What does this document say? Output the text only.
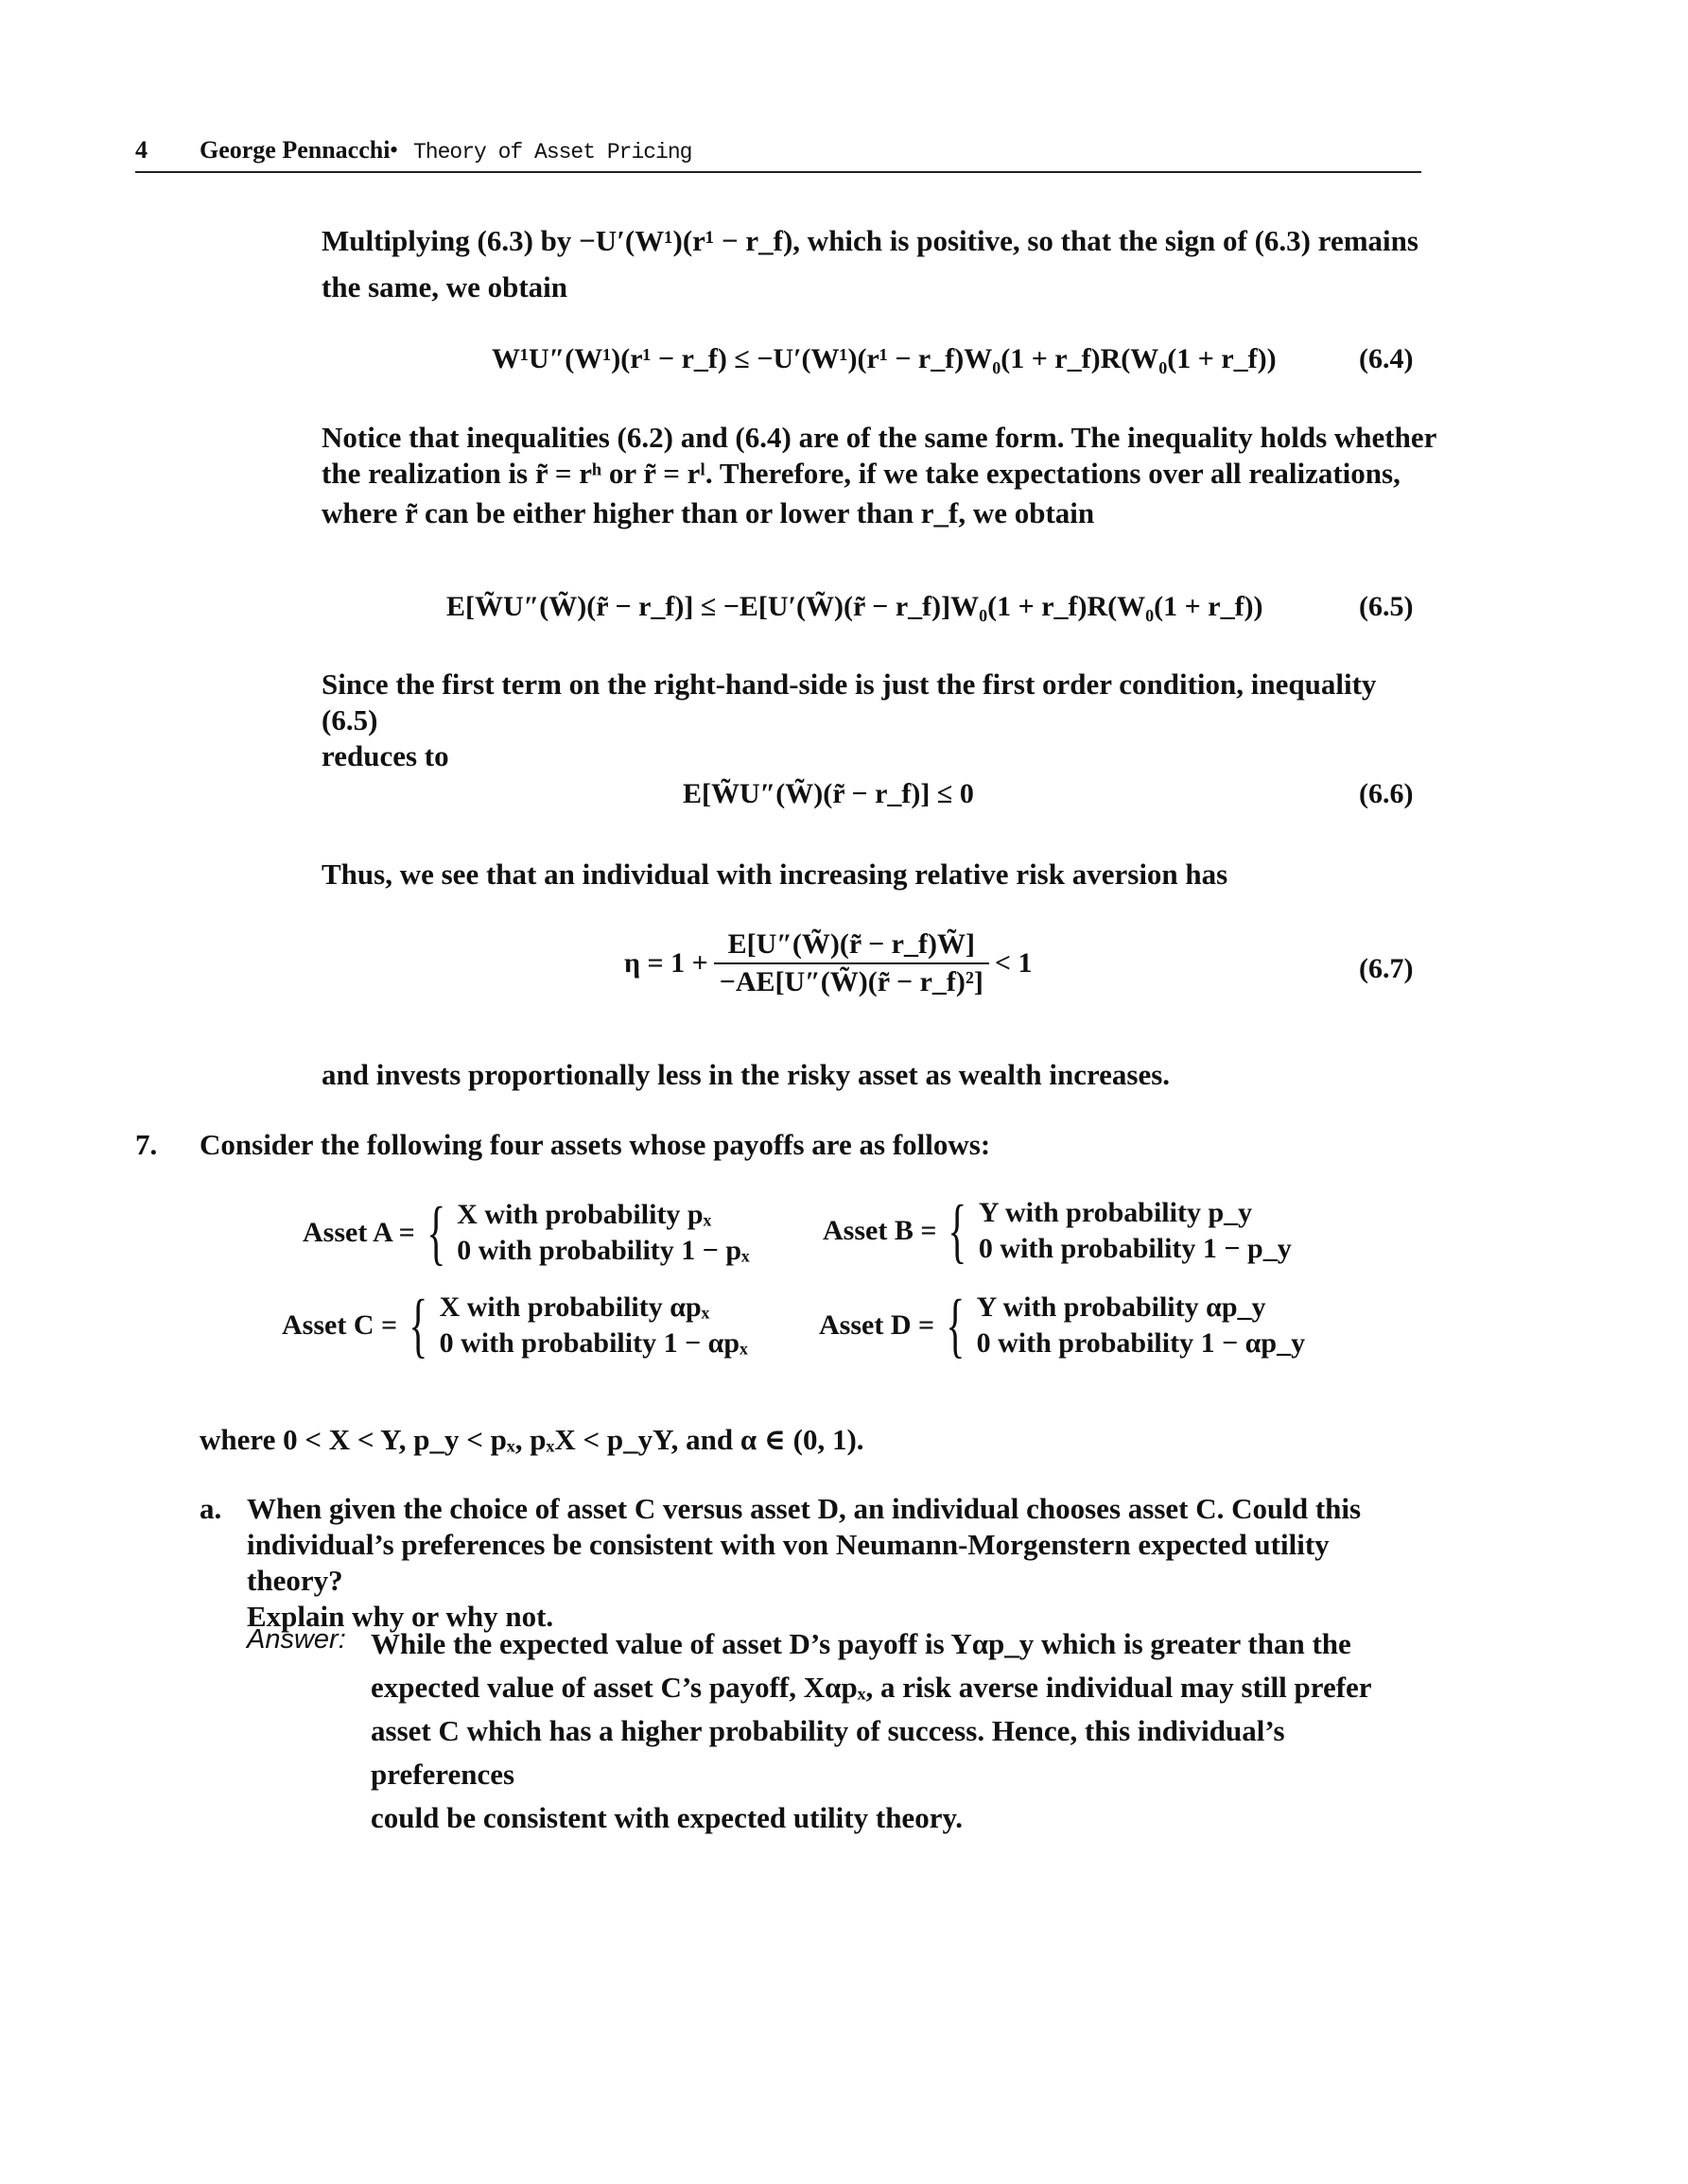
4 George Pennacchi • Theory of Asset Pricing
Multiplying (6.3) by −U′(W¹)(r¹ − r_f), which is positive, so that the sign of (6.3) remains
the same, we obtain
W¹U″(W¹)(r¹ − r_f) ≤ −U′(W¹)(r¹ − r_f)W₀(1 + r_f)R(W₀(1 + r_f))	(6.4)
Notice that inequalities (6.2) and (6.4) are of the same form. The inequality holds whether
the realization is r̃ = rʰ or r̃ = rˡ. Therefore, if we take expectations over all realizations,
where r̃ can be either higher than or lower than r_f, we obtain
E[W̃U″(W̃)(r̃ − r_f)] ≤ −E[U′(W̃)(r̃ − r_f)]W₀(1 + r_f)R(W₀(1 + r_f))	(6.5)
Since the first term on the right-hand-side is just the first order condition, inequality (6.5)
reduces to
E[W̃U″(W̃)(r̃ − r_f)] ≤ 0	(6.6)
Thus, we see that an individual with increasing relative risk aversion has
$\eta = 1 + \frac{E[U''(W̃)(r̃ - r\_f)W̃]}{\text{−AE[U″(W̃)(r̃ − r\_f)²]}} < 1$	(6.7)
and invests proportionally less in the risky asset as wealth increases.
7. Consider the following four assets whose payoffs are as follows:
Asset A = { X with probability pₓ
0 with probability 1 − pₓ
Asset B = { Y with probability p_y
0 with probability 1 − p_y
Asset C = { X with probability αpₓ
0 with probability 1 − αpₓ
Asset D = { Y with probability αp_y
0 with probability 1 − αp_y
where 0 < X < Y, p_y < pₓ, pₓX < p_yY, and α ∈ (0, 1).
a. When given the choice of asset C versus asset D, an individual chooses asset C. Could this
individual’s preferences be consistent with von Neumann-Morgenstern expected utility theory?
Explain why or why not.
Answer: While the expected value of asset D’s payoff is Yαp_y which is greater than the
expected value of asset C’s payoff, Xαpₓ, a risk averse individual may still prefer
asset C which has a higher probability of success. Hence, this individual’s preferences
could be consistent with expected utility theory.
